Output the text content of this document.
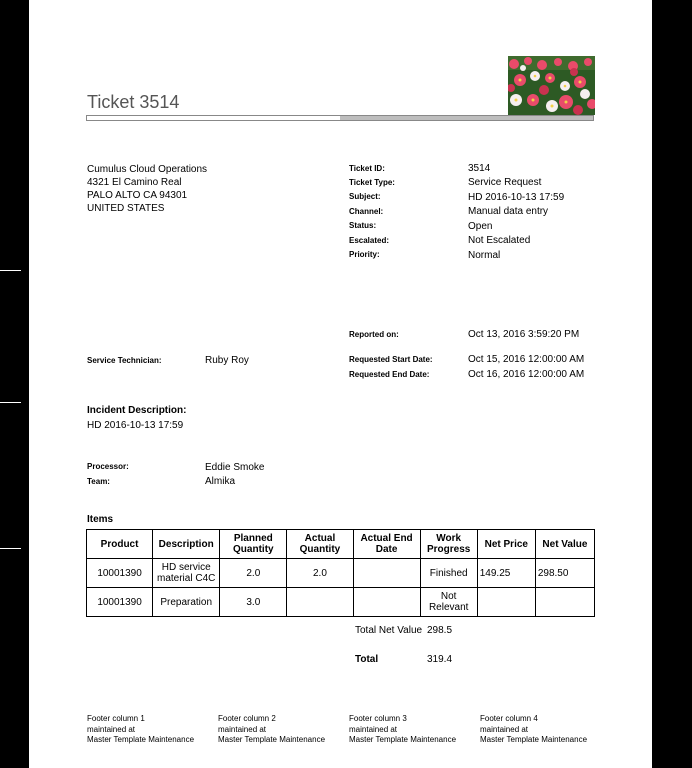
Ticket 3514
Cumulus Cloud Operations
4321 El Camino Real
PALO ALTO CA 94301
UNITED STATES
Ticket ID:	3514
Ticket Type:	Service Request
Subject:	HD 2016-10-13 17:59
Channel:	Manual data entry
Status:	Open
Escalated:	Not Escalated
Priority:	Normal
Reported on:	Oct 13, 2016 3:59:20 PM
Requested Start Date:	Oct 15, 2016 12:00:00 AM
Requested End Date:	Oct 16, 2016 12:00:00 AM
Service Technician:	Ruby Roy
Incident Description:
HD 2016-10-13 17:59
Processor:	Eddie Smoke
Team:	Almika
Items
Product	Description	Planned Quantity	Actual Quantity	Actual End Date	Work Progress	Net Price	Net Value
10001390	HD service material C4C	2.0	2.0		Finished	149.25	298.50
10001390	Preparation	3.0			Not Relevant		
Total Net Value 298.5
Total	319.4
Footer column 1
maintained at
Master Template Maintenance
Footer column 2
maintained at
Master Template Maintenance
Footer column 3
maintained at
Master Template Maintenance
Footer column 4
maintained at
Master Template Maintenance
